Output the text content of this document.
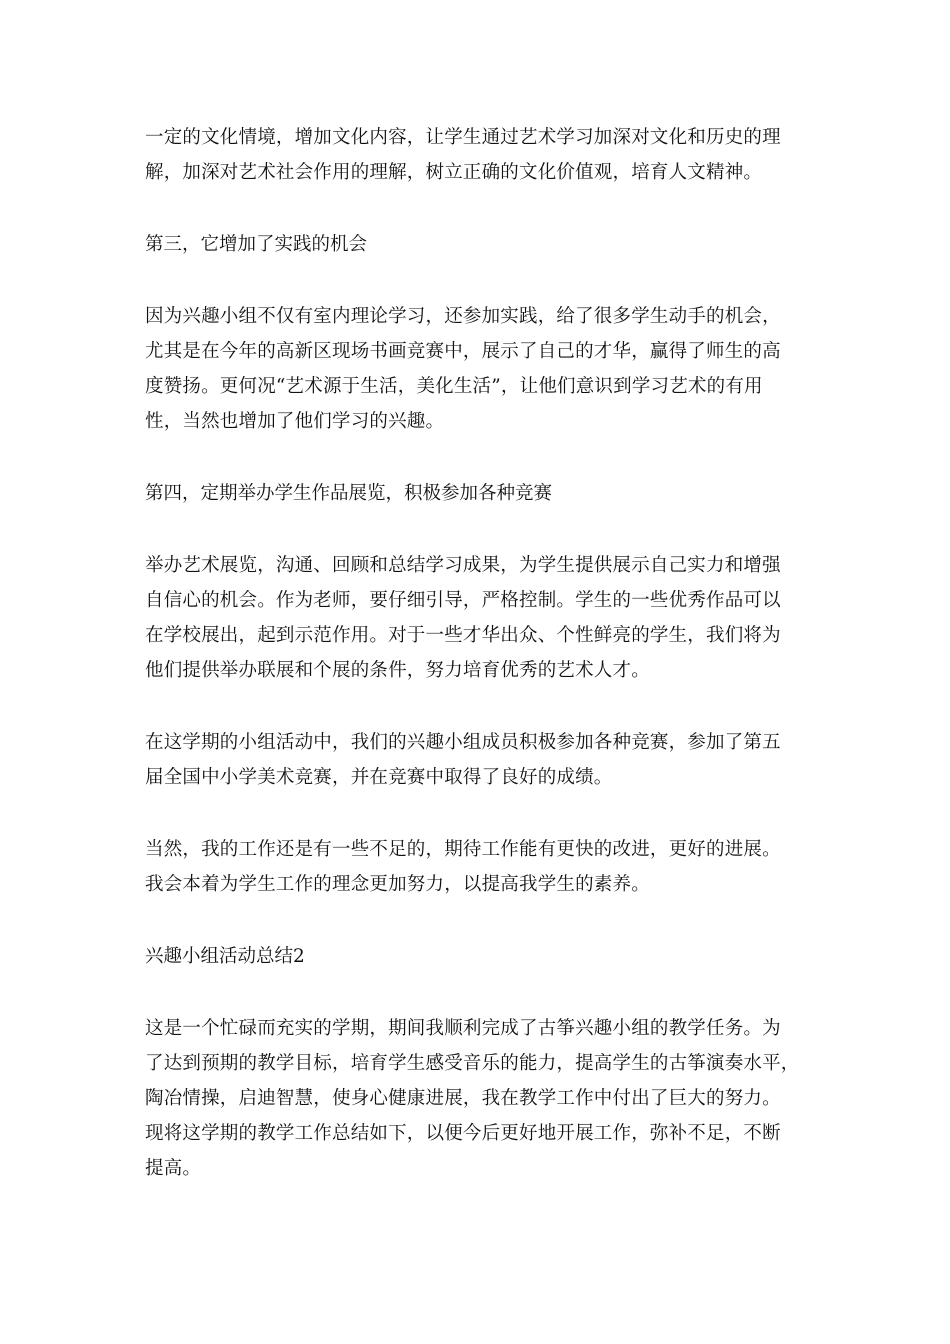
一定的文化情境，增加文化内容，让学生通过艺术学习加深对文化和历史的理
解，加深对艺术社会作用的理解，树立正确的文化价值观，培育人文精神。
第三，它增加了实践的机会
因为兴趣小组不仅有室内理论学习，还参加实践，给了很多学生动手的机会，
尤其是在今年的高新区现场书画竞赛中，展示了自己的才华，赢得了师生的高
度赞扬。更何况“艺术源于生活，美化生活”，让他们意识到学习艺术的有用
性，当然也增加了他们学习的兴趣。
第四，定期举办学生作品展览，积极参加各种竞赛
举办艺术展览，沟通、回顾和总结学习成果，为学生提供展示自己实力和增强
自信心的机会。作为老师，要仔细引导，严格控制。学生的一些优秀作品可以
在学校展出，起到示范作用。对于一些才华出众、个性鲜亮的学生，我们将为
他们提供举办联展和个展的条件，努力培育优秀的艺术人才。
在这学期的小组活动中，我们的兴趣小组成员积极参加各种竞赛，参加了第五
届全国中小学美术竞赛，并在竞赛中取得了良好的成绩。
当然，我的工作还是有一些不足的，期待工作能有更快的改进，更好的进展。
我会本着为学生工作的理念更加努力，以提高我学生的素养。
兴趣小组活动总结2
这是一个忙碌而充实的学期，期间我顺利完成了古筝兴趣小组的教学任务。为
了达到预期的教学目标，培育学生感受音乐的能力，提高学生的古筝演奏水平，
陶冶情操，启迪智慧，使身心健康进展，我在教学工作中付出了巨大的努力。
现将这学期的教学工作总结如下，以便今后更好地开展工作，弥补不足，不断
提高。
